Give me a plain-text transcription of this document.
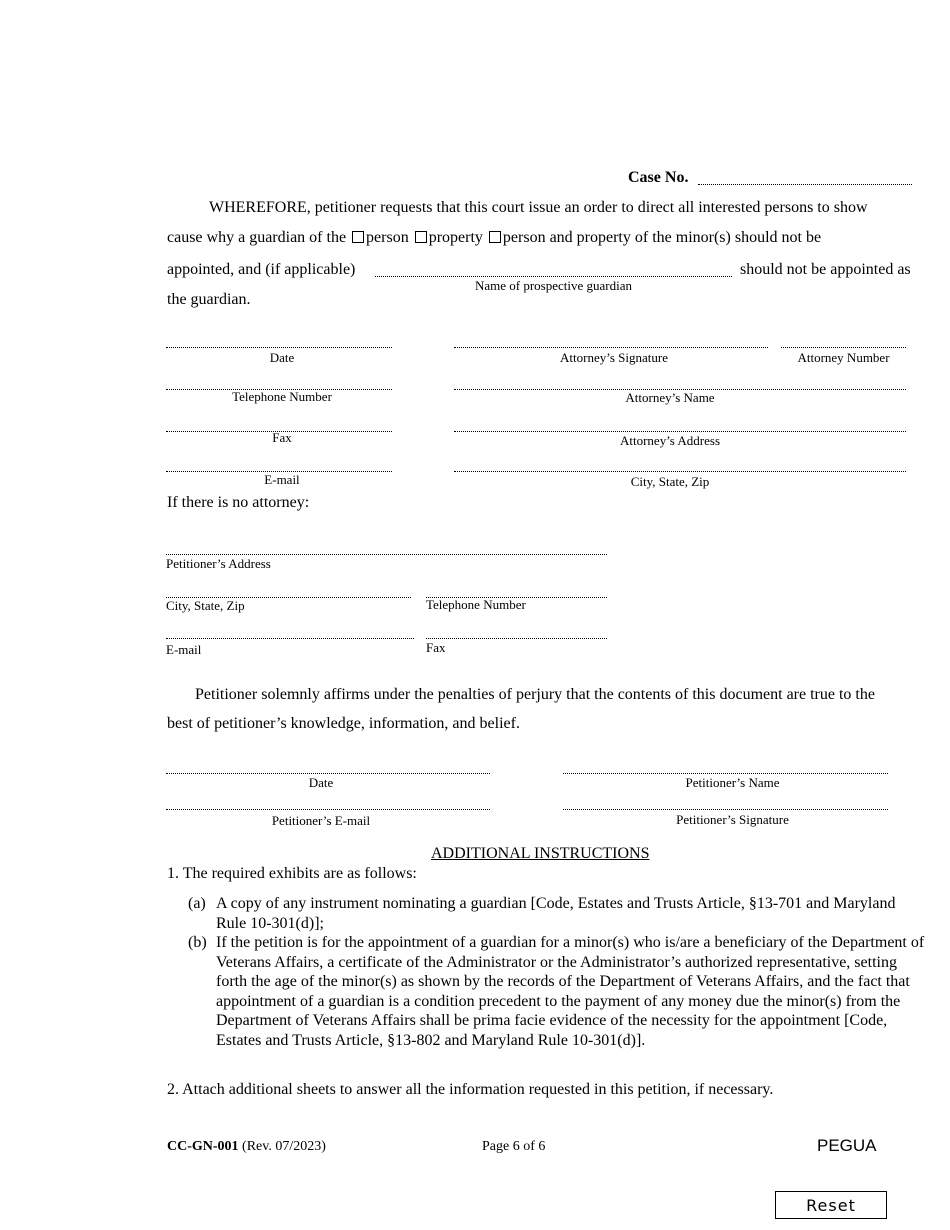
Case No.
WHEREFORE, petitioner requests that this court issue an order to direct all interested persons to show
cause why a guardian of the person property person and property of the minor(s) should not be
appointed, and (if applicable)	should not be appointed as
Name of prospective guardian
the guardian.
Date	Attorney’s Signature	Attorney Number
Telephone Number	Attorney’s Name
Fax	Attorney’s Address
E-mail	City, State, Zip
If there is no attorney:
Petitioner’s Address
City, State, Zip	Telephone Number
E-mail	Fax
Petitioner solemnly affirms under the penalties of perjury that the contents of this document are true to the
best of petitioner’s knowledge, information, and belief.
Date	Petitioner’s Name
Petitioner’s E-mail	Petitioner’s Signature
ADDITIONAL INSTRUCTIONS
1. The required exhibits are as follows:
(a) A copy of any instrument nominating a guardian [Code, Estates and Trusts Article, §13-701 and Maryland Rule 10-301(d)];
(b) If the petition is for the appointment of a guardian for a minor(s) who is/are a beneficiary of the Department of Veterans Affairs, a certificate of the Administrator or the Administrator’s authorized representative, setting forth the age of the minor(s) as shown by the records of the Department of Veterans Affairs, and the fact that appointment of a guardian is a condition precedent to the payment of any money due the minor(s) from the Department of Veterans Affairs shall be prima facie evidence of the necessity for the appointment [Code, Estates and Trusts Article, §13-802 and Maryland Rule 10-301(d)].
2. Attach additional sheets to answer all the information requested in this petition, if necessary.
CC-GN-001 (Rev. 07/2023)	Page 6 of 6	PEGUA
Reset
